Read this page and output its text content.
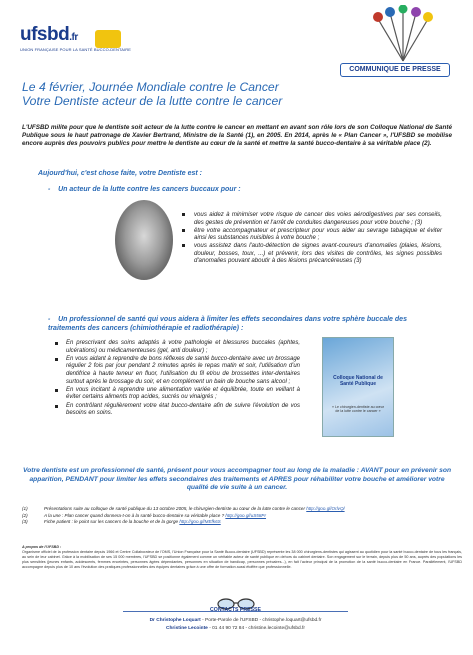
ufsbd.fr
UNION FRANÇAISE POUR LA SANTÉ BUCCO-DENTAIRE
COMMUNIQUE DE PRESSE
Le 4 février, Journée Mondiale contre le Cancer
Votre Dentiste acteur de la lutte contre le cancer
L'UFSBD milite pour que le dentiste soit acteur de la lutte contre le cancer en mettant en avant son rôle lors de son Colloque National de Santé Publique sous le haut patronage de Xavier Bertrand, Ministre de la Santé (1), en 2005. En 2014, après le « Plan Cancer », l'UFSBD se mobilise encore auprès des pouvoirs publics pour mettre le dentiste au cœur de la santé et mettre la santé bucco-dentaire à sa véritable place (2).
Aujourd'hui, c'est chose faite, votre Dentiste est :
-    Un acteur de la lutte contre les cancers buccaux pour :
vous aidez à minimiser votre risque de cancer des voies aérodigestives par ses conseils, des gestes de prévention et l'arrêt de conduites dangereuses pour votre bouche ; (3)
être votre accompagnateur et prescripteur pour vous aider au sevrage tabagique et éviter ainsi les substances nuisibles à votre bouche ;
vous assistez dans l'auto-détection de signes avant-coureurs d'anomalies (plaies, lésions, douleur, bosses, toux, ...) et prévenir, lors des visites de contrôles, les signes possibles d'anomalies pouvant aboutir à des lésions précancéreuses (3)
-    Un professionnel de santé qui vous aidera à limiter les effets secondaires dans votre sphère buccale des traitements des cancers (chimiothérapie et radiothérapie) :
En prescrivant des soins adaptés à votre pathologie et blessures buccales (aphtes, ulcérations) ou médicamenteuses (gel, anti douleur) ;
En vous aidant à reprendre de bons réflexes de santé bucco-dentaire avec un brossage régulier 2 fois par jour pendant 2 minutes après le repas matin et soir, l'utilisation d'un dentifrice à haute teneur en fluor, l'utilisation du fil et/ou de brossettes inter-dentaires surtout après le brossage du soir, et en complément un bain de bouche sans alcool ;
En vous incitant à reprendre une alimentation variée et équilibrée, toute en veillant à éviter certains aliments trop acides, sucrés ou vinaigrés ;
En contrôlant régulièrement votre état bucco-dentaire afin de suivre l'évolution de vos besoins en soins.
Colloque National de Santé Publique
« Le chirurgien-dentiste au cœur de la lutte contre le cancer »
Votre dentiste est un professionnel de santé, présent pour vous accompagner tout au long de la maladie : AVANT pour en prévenir son apparition, PENDANT pour limiter les effets secondaires des traitements et APRES pour réhabiliter votre bouche et améliorer votre qualité de vie suite à un cancer.
(1)	Présentations suite au colloque de santé publique du 13 octobre 2005, le chirurgien-dentiste au cœur de la lutte contre le cancer http://goo.gl/OrlvQl
(2)	A la une : Plan cancer quand donnera-t-on à la santé bucco-dentaire sa véritable place ? http://goo.gl/uS58Pr
(3)	Fiche patient : le point sur les cancers de la bouche et de la gorge http://goo.gl/MEfk6S
A propos de l'UFSBD :
Organisme officiel de la profession dentaire depuis 1966 et Centre Collaborateur de l'OMS, l'Union Française pour la Santé Bucco-dentaire (UFSBD) représente les 38 000 chirurgiens-dentistes qui agissent au quotidien pour la santé bucco-dentaire de tous les français, au sein de leur cabinet. Grâce à la mobilisation de ses 15 000 membres, l'UFSBD se positionne également comme un véritable acteur de santé publique en dehors du cabinet dentaire. Son engagement sur le terrain, depuis plus de 50 ans, auprès des populations les plus sensibles (jeunes enfants, adolescents, femmes enceintes, personnes âgées dépendantes, personnes en situation de handicap, personnes précaires...), en fait l'acteur principal de la promotion de la santé bucco-dentaire en France. Parallèlement, l'UFSBD accompagne depuis plus de 10 ans l'évolution des pratiques professionnelles des équipes dentaires grâce à une offre de formation aussi étoffée que professionnelle.
CONTACTS PRESSE
Dr Christophe Loquart - Porte-Parole de l'UFSBD - christophe.loquart@ufsbd.fr
Christine Lecointe - 01 44 90 72 84 - christine.lecointe@ufsbd.fr
